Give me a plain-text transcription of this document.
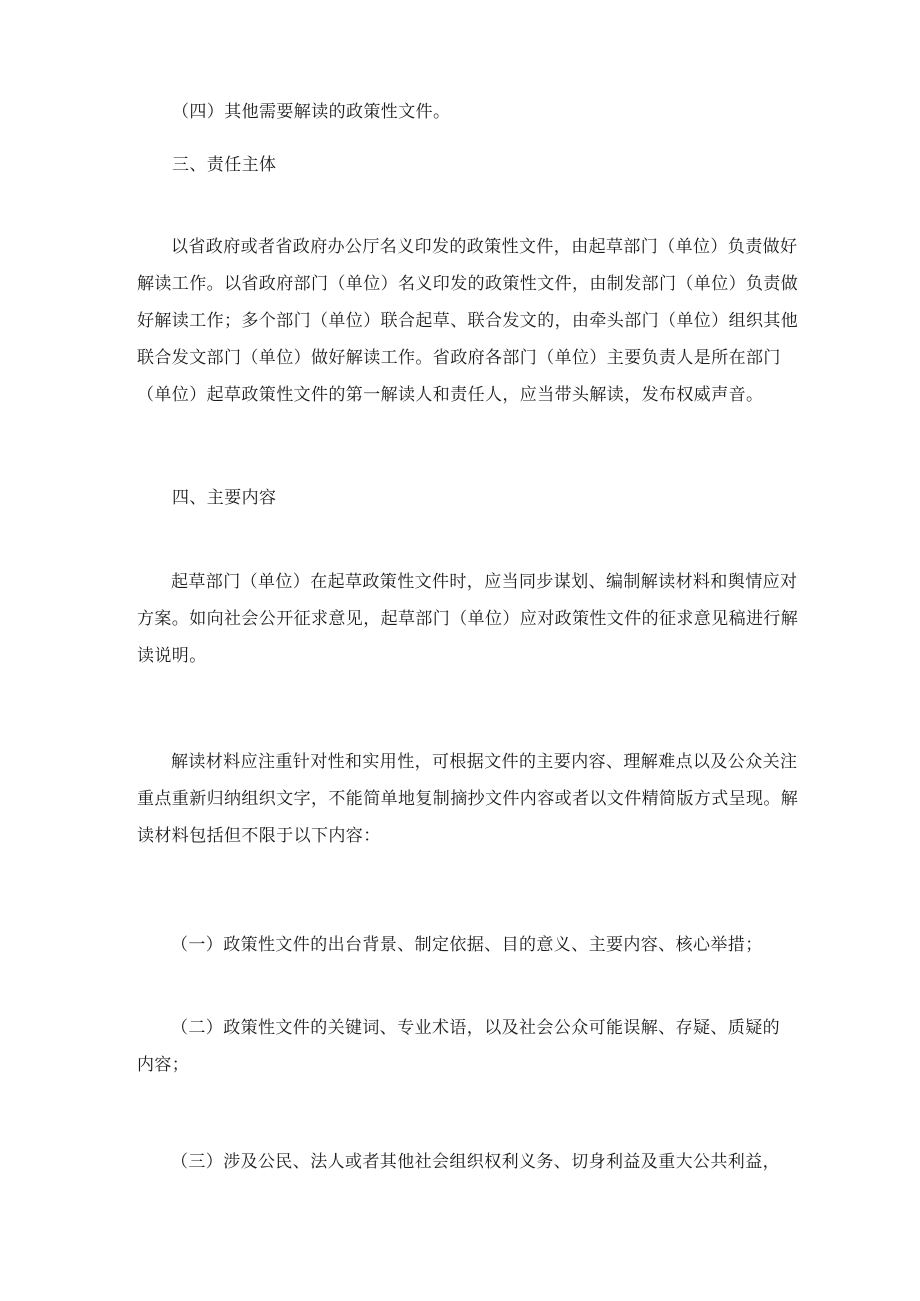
（四）其他需要解读的政策性文件。

三、责任主体

以省政府或者省政府办公厅名义印发的政策性文件，由起草部门（单位）负责做好
解读工作。以省政府部门（单位）名义印发的政策性文件，由制发部门（单位）负责做
好解读工作；多个部门（单位）联合起草、联合发文的，由牵头部门（单位）组织其他
联合发文部门（单位）做好解读工作。省政府各部门（单位）主要负责人是所在部门
（单位）起草政策性文件的第一解读人和责任人，应当带头解读，发布权威声音。

四、主要内容

起草部门（单位）在起草政策性文件时，应当同步谋划、编制解读材料和舆情应对
方案。如向社会公开征求意见，起草部门（单位）应对政策性文件的征求意见稿进行解
读说明。
解读材料应注重针对性和实用性，可根据文件的主要内容、理解难点以及公众关注
重点重新归纳组织文字，不能简单地复制摘抄文件内容或者以文件精简版方式呈现。解
读材料包括但不限于以下内容：
（一）政策性文件的出台背景、制定依据、目的意义、主要内容、核心举措；
（二）政策性文件的关键词、专业术语，以及社会公众可能误解、存疑、质疑的
内容；
（三）涉及公民、法人或者其他社会组织权利义务、切身利益及重大公共利益，
